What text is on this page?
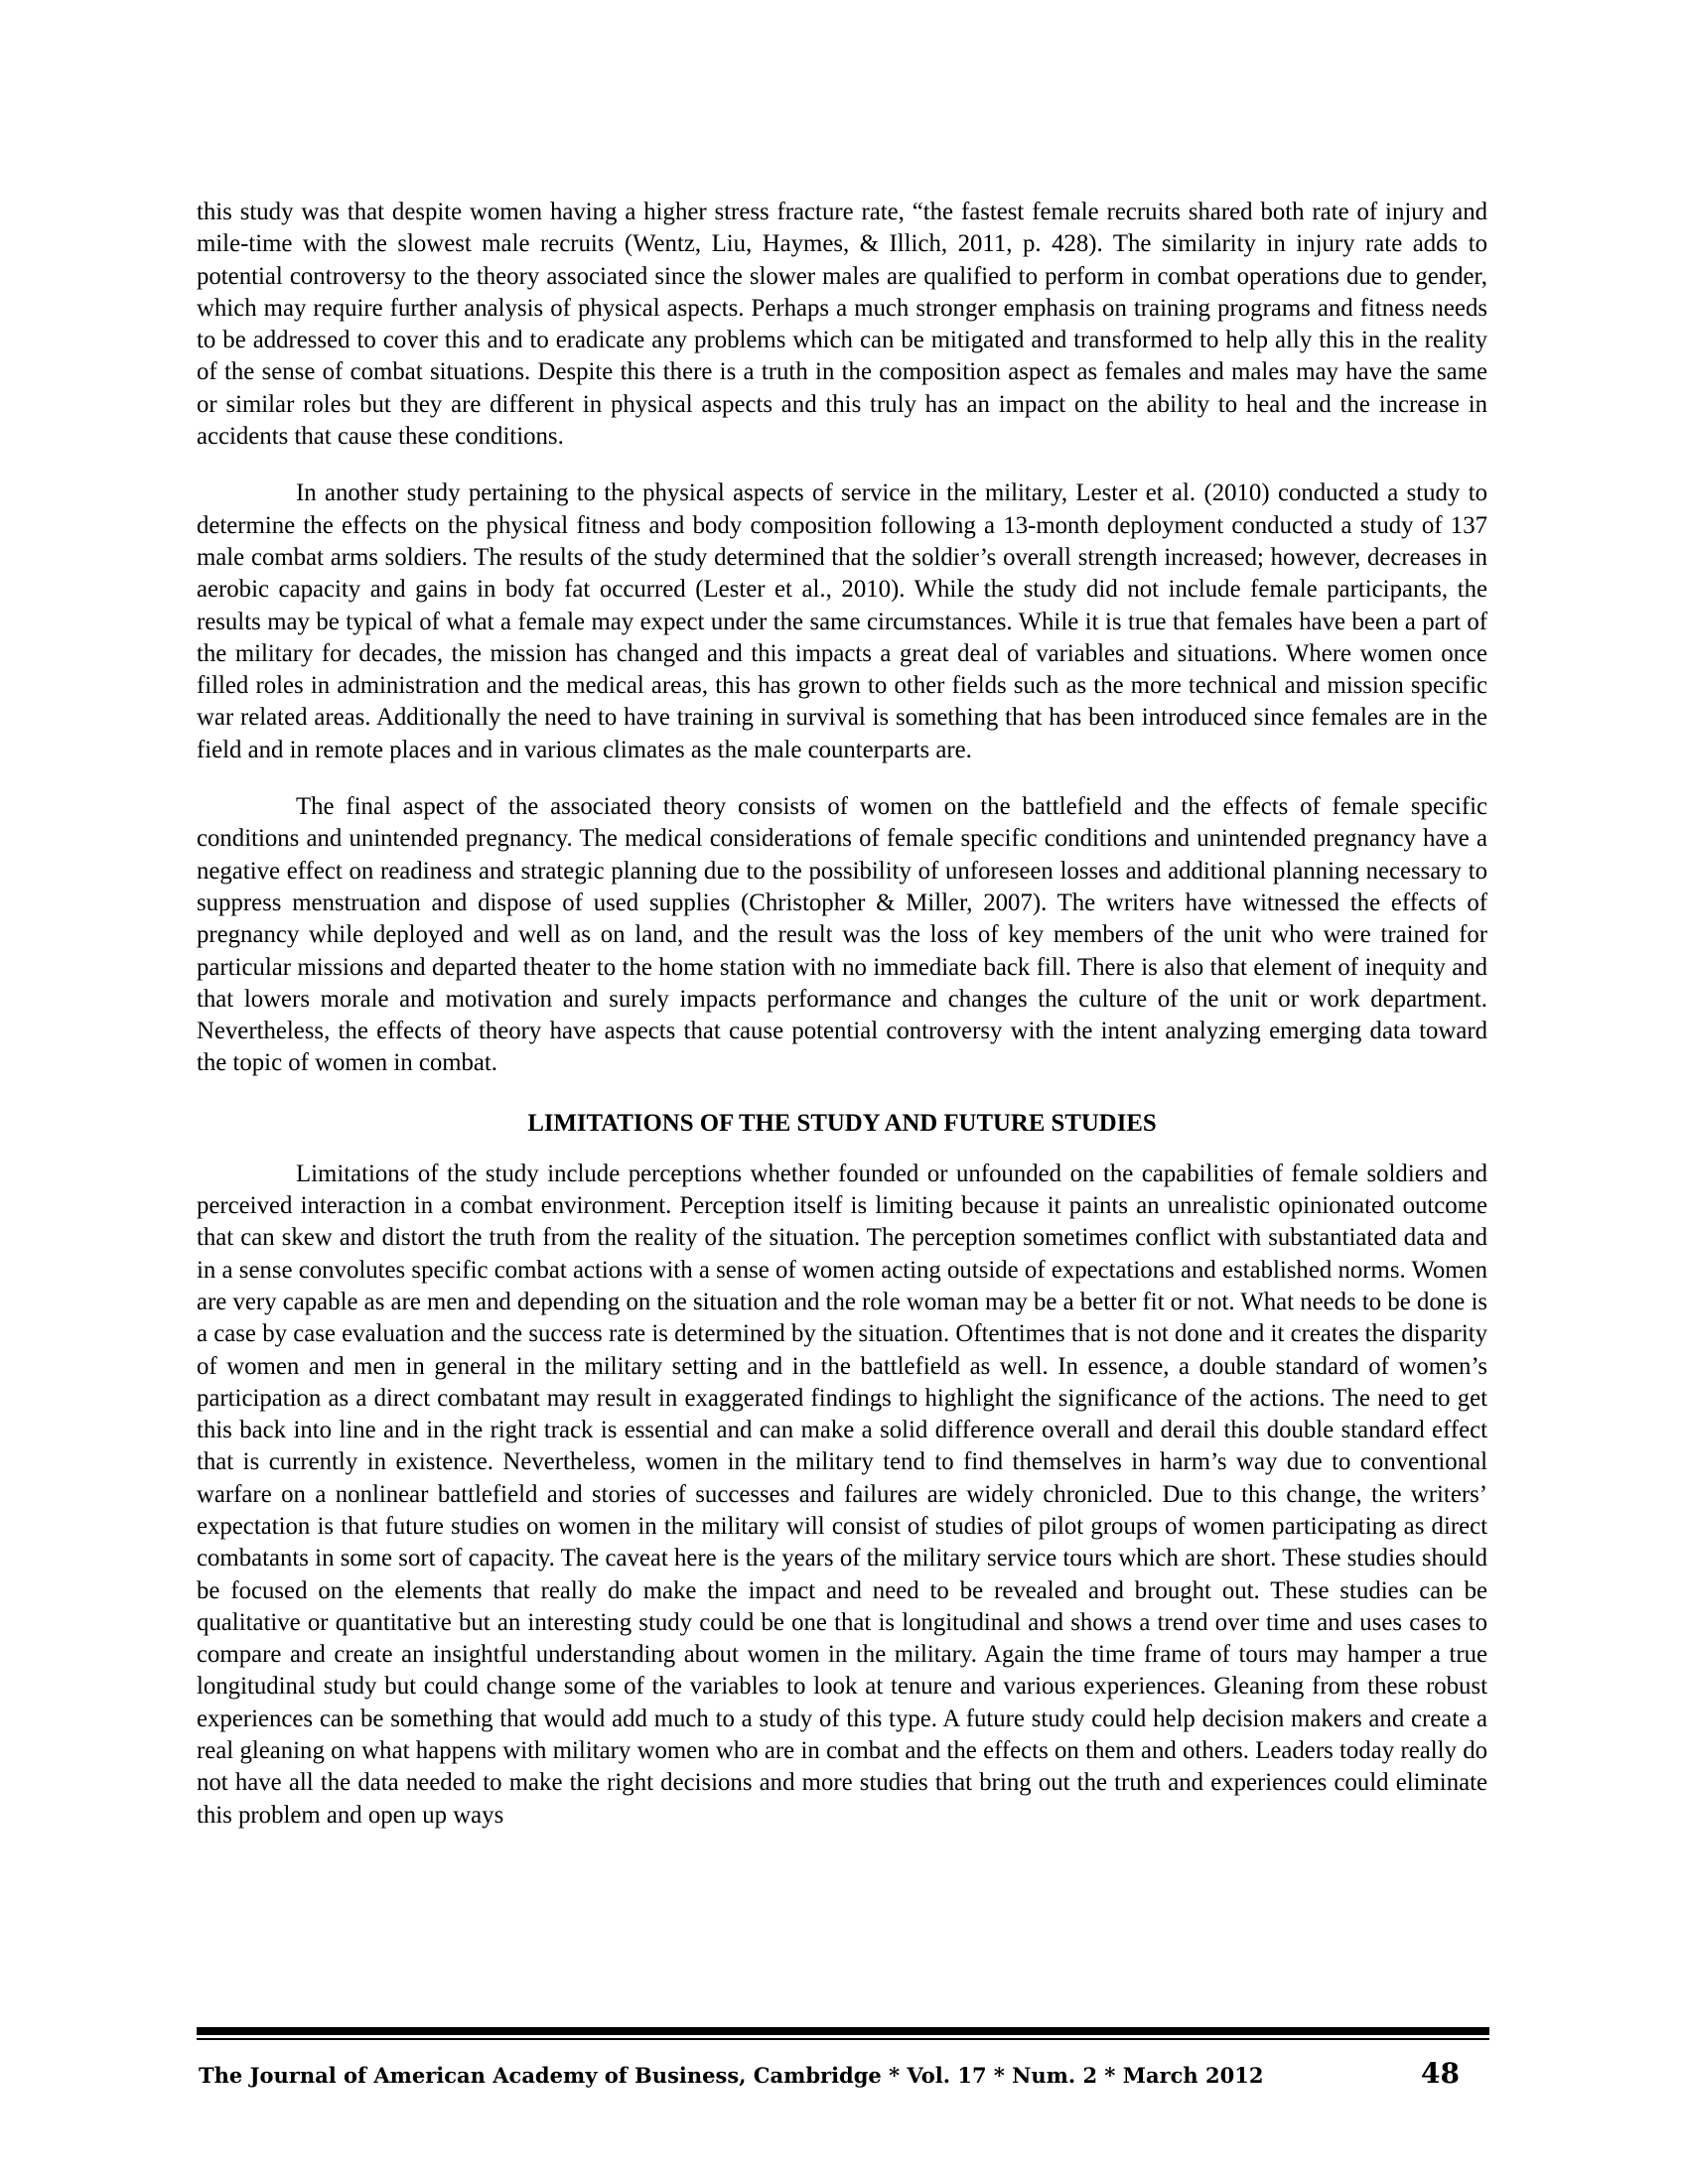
this study was that despite women having a higher stress fracture rate, “the fastest female recruits shared both rate of injury and mile-time with the slowest male recruits (Wentz, Liu, Haymes, & Illich, 2011, p. 428). The similarity in injury rate adds to potential controversy to the theory associated since the slower males are qualified to perform in combat operations due to gender, which may require further analysis of physical aspects. Perhaps a much stronger emphasis on training programs and fitness needs to be addressed to cover this and to eradicate any problems which can be mitigated and transformed to help ally this in the reality of the sense of combat situations. Despite this there is a truth in the composition aspect as females and males may have the same or similar roles but they are different in physical aspects and this truly has an impact on the ability to heal and the increase in accidents that cause these conditions.

In another study pertaining to the physical aspects of service in the military, Lester et al. (2010) conducted a study to determine the effects on the physical fitness and body composition following a 13-month deployment conducted a study of 137 male combat arms soldiers. The results of the study determined that the soldier’s overall strength increased; however, decreases in aerobic capacity and gains in body fat occurred (Lester et al., 2010). While the study did not include female participants, the results may be typical of what a female may expect under the same circumstances. While it is true that females have been a part of the military for decades, the mission has changed and this impacts a great deal of variables and situations. Where women once filled roles in administration and the medical areas, this has grown to other fields such as the more technical and mission specific war related areas. Additionally the need to have training in survival is something that has been introduced since females are in the field and in remote places and in various climates as the male counterparts are.

The final aspect of the associated theory consists of women on the battlefield and the effects of female specific conditions and unintended pregnancy. The medical considerations of female specific conditions and unintended pregnancy have a negative effect on readiness and strategic planning due to the possibility of unforeseen losses and additional planning necessary to suppress menstruation and dispose of used supplies (Christopher & Miller, 2007). The writers have witnessed the effects of pregnancy while deployed and well as on land, and the result was the loss of key members of the unit who were trained for particular missions and departed theater to the home station with no immediate back fill. There is also that element of inequity and that lowers morale and motivation and surely impacts performance and changes the culture of the unit or work department. Nevertheless, the effects of theory have aspects that cause potential controversy with the intent analyzing emerging data toward the topic of women in combat.

LIMITATIONS OF THE STUDY AND FUTURE STUDIES

Limitations of the study include perceptions whether founded or unfounded on the capabilities of female soldiers and perceived interaction in a combat environment. Perception itself is limiting because it paints an unrealistic opinionated outcome that can skew and distort the truth from the reality of the situation. The perception sometimes conflict with substantiated data and in a sense convolutes specific combat actions with a sense of women acting outside of expectations and established norms. Women are very capable as are men and depending on the situation and the role woman may be a better fit or not. What needs to be done is a case by case evaluation and the success rate is determined by the situation. Oftentimes that is not done and it creates the disparity of women and men in general in the military setting and in the battlefield as well. In essence, a double standard of women’s participation as a direct combatant may result in exaggerated findings to highlight the significance of the actions. The need to get this back into line and in the right track is essential and can make a solid difference overall and derail this double standard effect that is currently in existence. Nevertheless, women in the military tend to find themselves in harm’s way due to conventional warfare on a nonlinear battlefield and stories of successes and failures are widely chronicled. Due to this change, the writers’ expectation is that future studies on women in the military will consist of studies of pilot groups of women participating as direct combatants in some sort of capacity. The caveat here is the years of the military service tours which are short. These studies should be focused on the elements that really do make the impact and need to be revealed and brought out. These studies can be qualitative or quantitative but an interesting study could be one that is longitudinal and shows a trend over time and uses cases to compare and create an insightful understanding about women in the military. Again the time frame of tours may hamper a true longitudinal study but could change some of the variables to look at tenure and various experiences. Gleaning from these robust experiences can be something that would add much to a study of this type. A future study could help decision makers and create a real gleaning on what happens with military women who are in combat and the effects on them and others. Leaders today really do not have all the data needed to make the right decisions and more studies that bring out the truth and experiences could eliminate this problem and open up ways

The Journal of American Academy of Business, Cambridge * Vol. 17 * Num. 2 * March 2012	48
